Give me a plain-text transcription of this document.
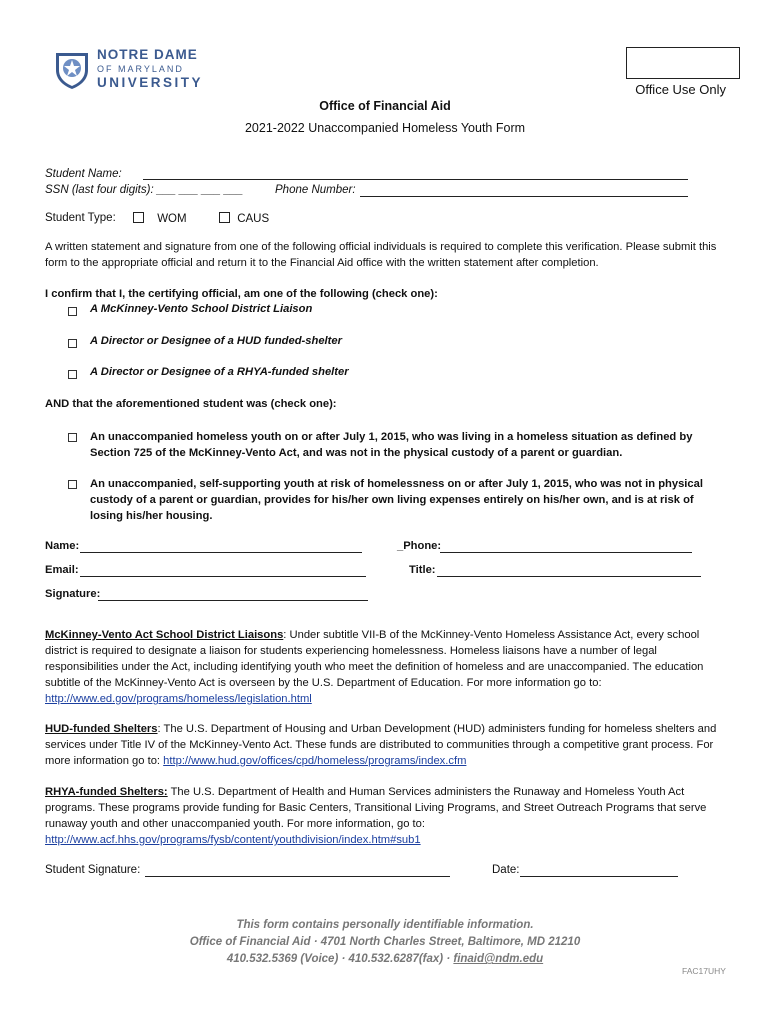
NOTRE DAME
OF MARYLAND
UNIVERSITY	Office Use Only
Office of Financial Aid
2021-2022 Unaccompanied Homeless Youth Form
Student Name:
SSN (last four digits): ___ ___ ___ ___	Phone Number:
Student Type:	WOM	CAUS
A written statement and signature from one of the following official individuals is required to complete this verification. Please submit this form to the appropriate official and return it to the Financial Aid office with the written statement after completion.
I confirm that I, the certifying official, am one of the following (check one):
A McKinney-Vento School District Liaison
A Director or Designee of a HUD funded-shelter
A Director or Designee of a RHYA-funded shelter
AND that the aforementioned student was (check one):
An unaccompanied homeless youth on or after July 1, 2015, who was living in a homeless situation as defined by Section 725 of the McKinney-Vento Act, and was not in the physical custody of a parent or guardian.
An unaccompanied, self-supporting youth at risk of homelessness on or after July 1, 2015, who was not in physical custody of a parent or guardian, provides for his/her own living expenses entirely on his/her own, and is at risk of losing his/her housing.
Name:	_Phone:
Email:	Title:
Signature:
McKinney-Vento Act School District Liaisons: Under subtitle VII-B of the McKinney-Vento Homeless Assistance Act, every school district is required to designate a liaison for students experiencing homelessness. Homeless liaisons have a number of legal responsibilities under the Act, including identifying youth who meet the definition of homeless and are unaccompanied. The education subtitle of the McKinney-Vento Act is overseen by the U.S. Department of Education. For more information go to: http://www.ed.gov/programs/homeless/legislation.html
HUD-funded Shelters: The U.S. Department of Housing and Urban Development (HUD) administers funding for homeless shelters and services under Title IV of the McKinney-Vento Act. These funds are distributed to communities through a competitive grant process. For more information go to: http://www.hud.gov/offices/cpd/homeless/programs/index.cfm
RHYA-funded Shelters: The U.S. Department of Health and Human Services administers the Runaway and Homeless Youth Act programs. These programs provide funding for Basic Centers, Transitional Living Programs, and Street Outreach Programs that serve runaway youth and other unaccompanied youth. For more information, go to: http://www.acf.hhs.gov/programs/fysb/content/youthdivision/index.htm#sub1
Student Signature:	Date:
This form contains personally identifiable information.
Office of Financial Aid · 4701 North Charles Street, Baltimore, MD 21210
410.532.5369 (Voice) · 410.532.6287(fax) · finaid@ndm.edu
FAC17UHY
